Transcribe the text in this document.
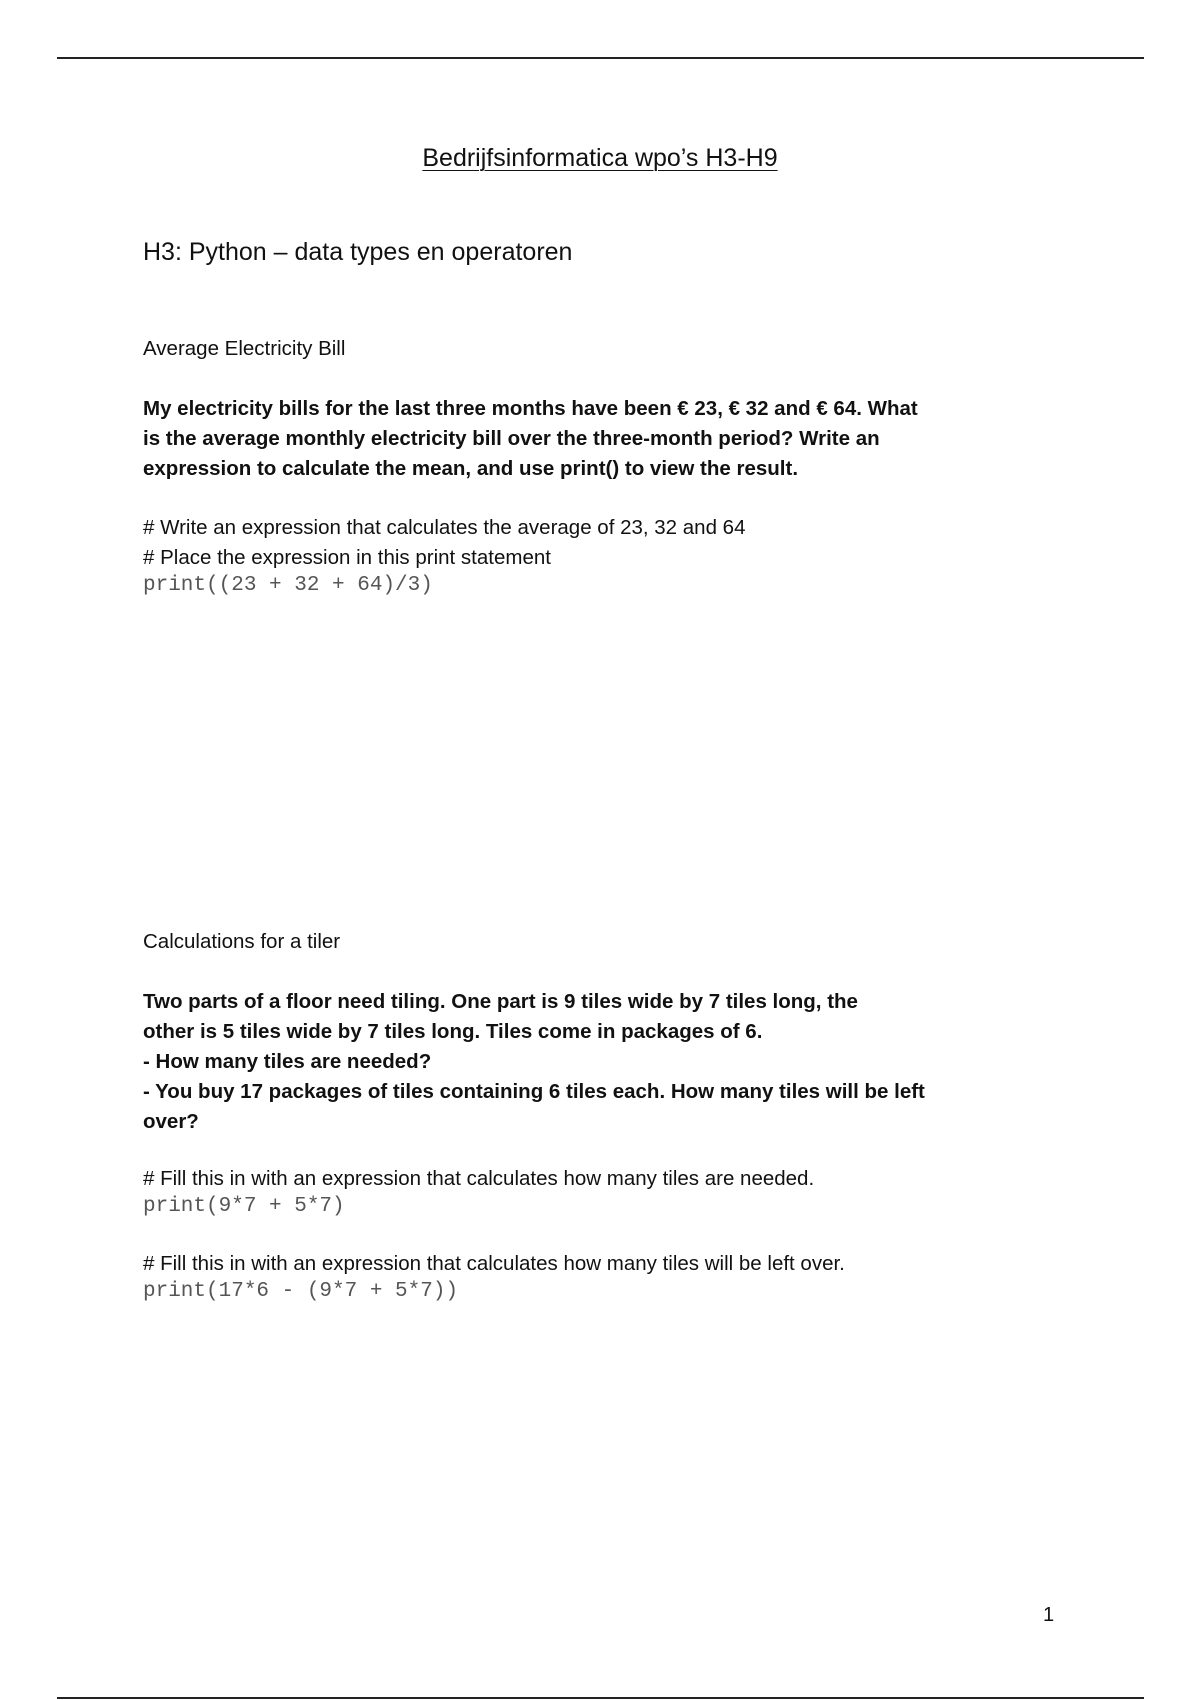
Bedrijfsinformatica wpo’s H3-H9
H3: Python – data types en operatoren

Average Electricity Bill

My electricity bills for the last three months have been € 23, € 32 and € 64. What

is the average monthly electricity bill over the three-month period? Write an

expression to calculate the mean, and use print() to view the result.

# Write an expression that calculates the average of 23, 32 and 64

# Place the expression in this print statement

print((23 + 32 + 64)/3)

Calculations for a tiler

Two parts of a floor need tiling. One part is 9 tiles wide by 7 tiles long, the

other is 5 tiles wide by 7 tiles long. Tiles come in packages of 6.

- How many tiles are needed?

- You buy 17 packages of tiles containing 6 tiles each. How many tiles will be left

over?

# Fill this in with an expression that calculates how many tiles are needed.

print(9*7 + 5*7)

# Fill this in with an expression that calculates how many tiles will be left over.

print(17*6 - (9*7 + 5*7))

1
